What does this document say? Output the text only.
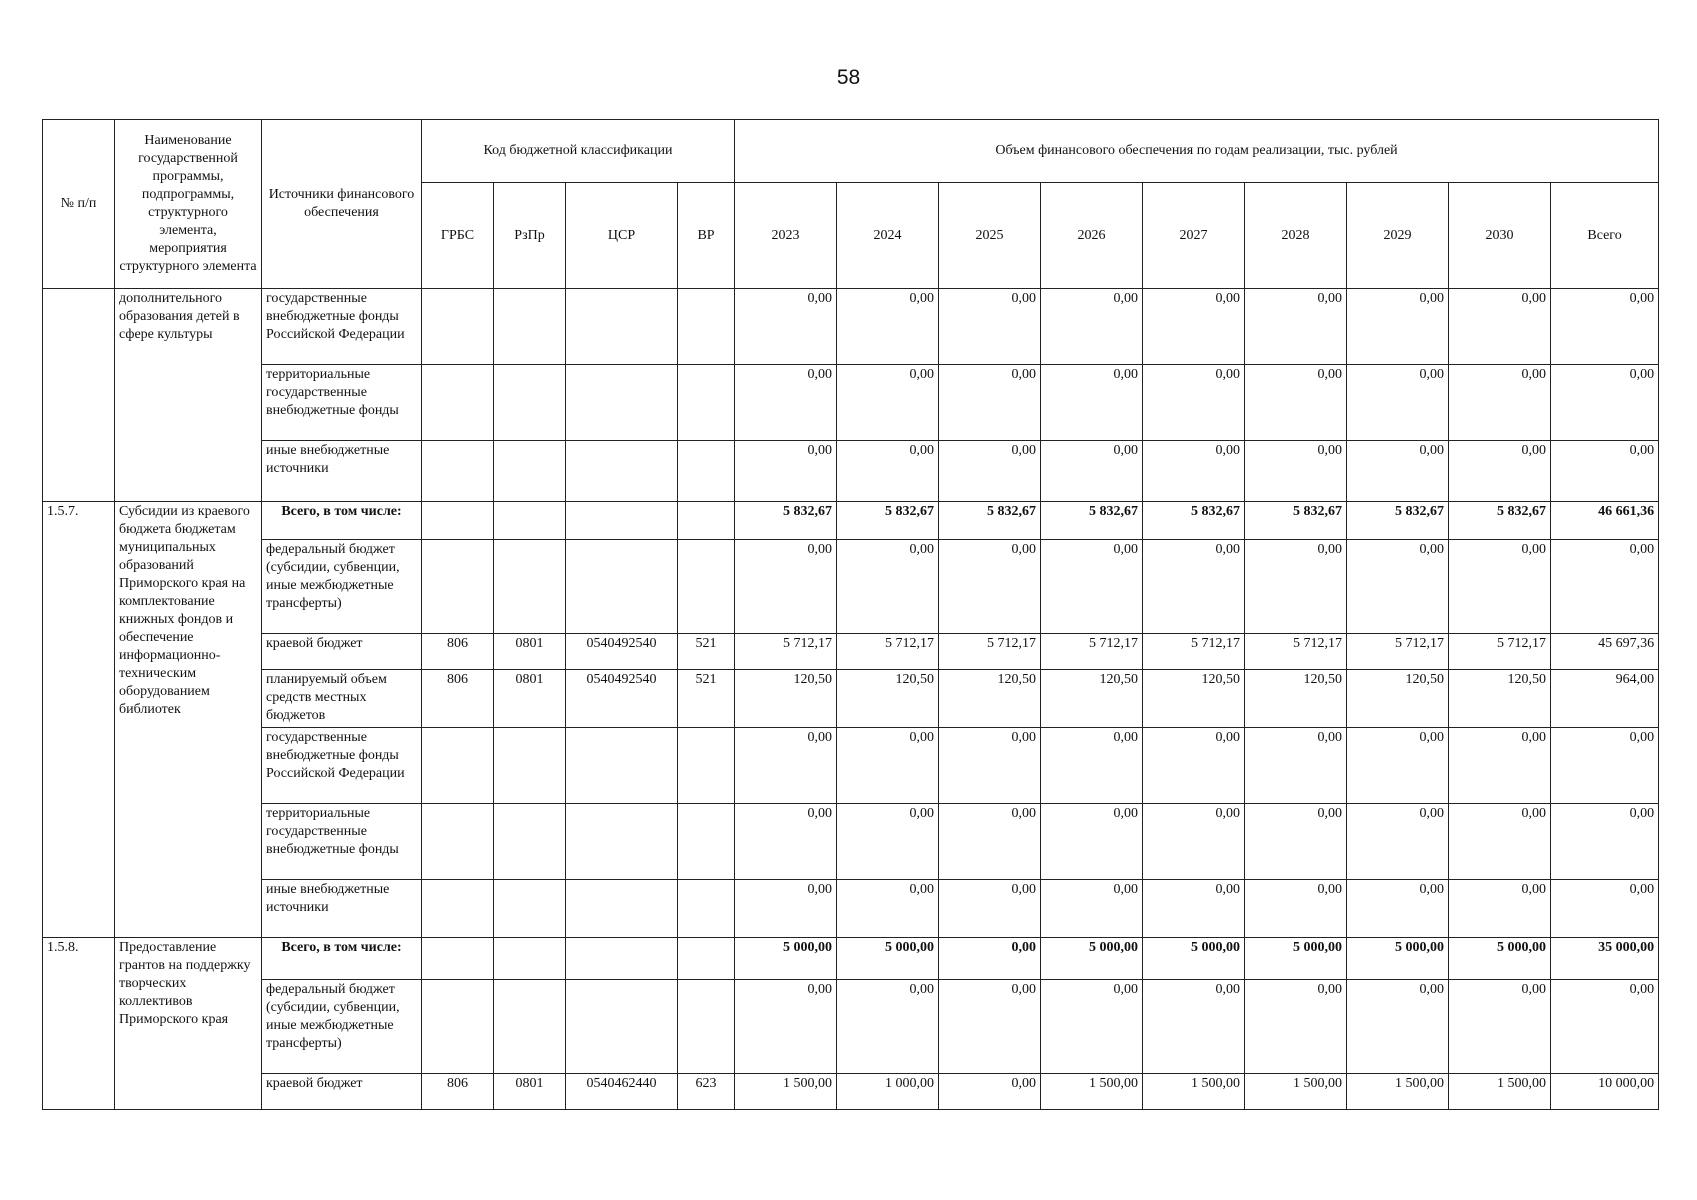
58
№ п/п	Наименование государственной программы, подпрограммы, структурного элемента, мероприятия структурного элемента	Источники финансового обеспечения	Код бюджетной классификации				Объем финансового обеспечения по годам реализации, тыс. рублей								
			ГРБС	РзПр	ЦСР	ВР	2023	2024	2025	2026	2027	2028	2029	2030	Всего
	дополнительного образования детей в сфере культуры	государственные внебюджетные фонды Российской Федерации					0,00	0,00	0,00	0,00	0,00	0,00	0,00	0,00	0,00
		территориальные государственные внебюджетные фонды					0,00	0,00	0,00	0,00	0,00	0,00	0,00	0,00	0,00
		иные внебюджетные источники					0,00	0,00	0,00	0,00	0,00	0,00	0,00	0,00	0,00
1.5.7.	Субсидии из краевого бюджета бюджетам муниципальных образований Приморского края на комплектование книжных фондов и обеспечение информационно-техническим оборудованием библиотек	Всего, в том числе:					5 832,67	5 832,67	5 832,67	5 832,67	5 832,67	5 832,67	5 832,67	5 832,67	46 661,36
		федеральный бюджет (субсидии, субвенции, иные межбюджетные трансферты)					0,00	0,00	0,00	0,00	0,00	0,00	0,00	0,00	0,00
		краевой бюджет	806	0801	0540492540	521	5 712,17	5 712,17	5 712,17	5 712,17	5 712,17	5 712,17	5 712,17	5 712,17	45 697,36
		планируемый объем средств местных бюджетов	806	0801	0540492540	521	120,50	120,50	120,50	120,50	120,50	120,50	120,50	120,50	964,00
		государственные внебюджетные фонды Российской Федерации					0,00	0,00	0,00	0,00	0,00	0,00	0,00	0,00	0,00
		территориальные государственные внебюджетные фонды					0,00	0,00	0,00	0,00	0,00	0,00	0,00	0,00	0,00
		иные внебюджетные источники					0,00	0,00	0,00	0,00	0,00	0,00	0,00	0,00	0,00
1.5.8.	Предоставление грантов на поддержку творческих коллективов Приморского края	Всего, в том числе:					5 000,00	5 000,00	0,00	5 000,00	5 000,00	5 000,00	5 000,00	5 000,00	35 000,00
		федеральный бюджет (субсидии, субвенции, иные межбюджетные трансферты)					0,00	0,00	0,00	0,00	0,00	0,00	0,00	0,00	0,00
		краевой бюджет	806	0801	0540462440	623	1 500,00	1 000,00	0,00	1 500,00	1 500,00	1 500,00	1 500,00	1 500,00	10 000,00
